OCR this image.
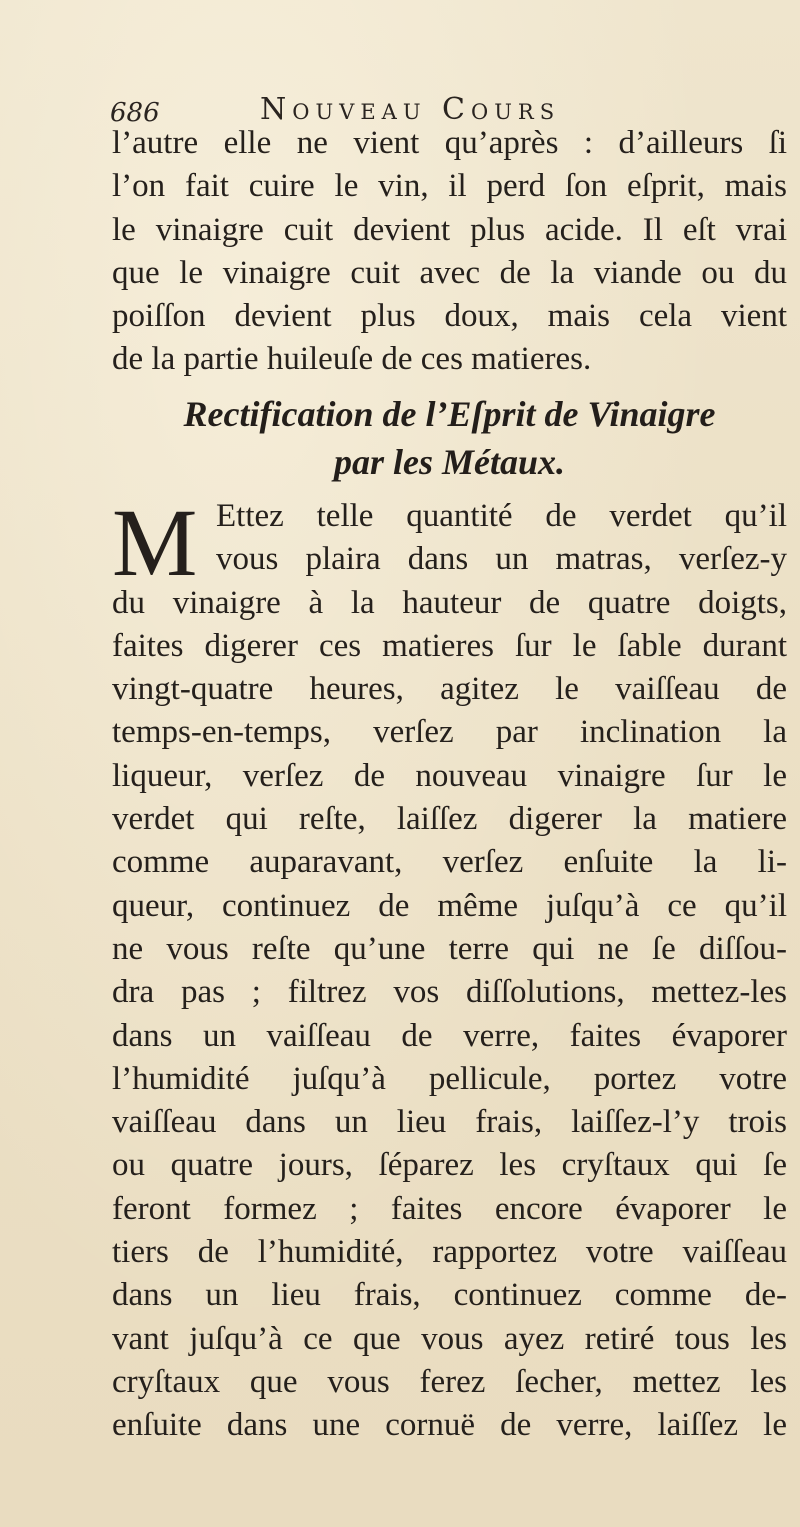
686	Nouveau Cours
l’autre elle ne vient qu’après : d’ailleurs ſi
l’on fait cuire le vin, il perd ſon eſprit, mais
le vinaigre cuit devient plus acide. Il eſt vrai
que le vinaigre cuit avec de la viande ou du
poiſſon devient plus doux, mais cela vient
de la partie huileuſe de ces matieres.
Rectification de l’Eſprit de Vinaigre
par les Métaux.
M Ettez telle quantité de verdet qu’il
vous plaira dans un matras, verſez-y
du vinaigre à la hauteur de quatre doigts,
faites digerer ces matieres ſur le ſable durant
vingt-quatre heures, agitez le vaiſſeau de
temps-en-temps, verſez par inclination la
liqueur, verſez de nouveau vinaigre ſur le
verdet qui reſte, laiſſez digerer la matiere
comme auparavant, verſez enſuite la li-
queur, continuez de même juſqu’à ce qu’il
ne vous reſte qu’une terre qui ne ſe diſſou-
dra pas ; filtrez vos diſſolutions, mettez-les
dans un vaiſſeau de verre, faites évaporer
l’humidité juſqu’à pellicule, portez votre
vaiſſeau dans un lieu frais, laiſſez-l’y trois
ou quatre jours, ſéparez les cryſtaux qui ſe
feront formez ; faites encore évaporer le
tiers de l’humidité, rapportez votre vaiſſeau
dans un lieu frais, continuez comme de-
vant juſqu’à ce que vous ayez retiré tous les
cryſtaux que vous ferez ſecher, mettez les
enſuite dans une cornuë de verre, laiſſez le
